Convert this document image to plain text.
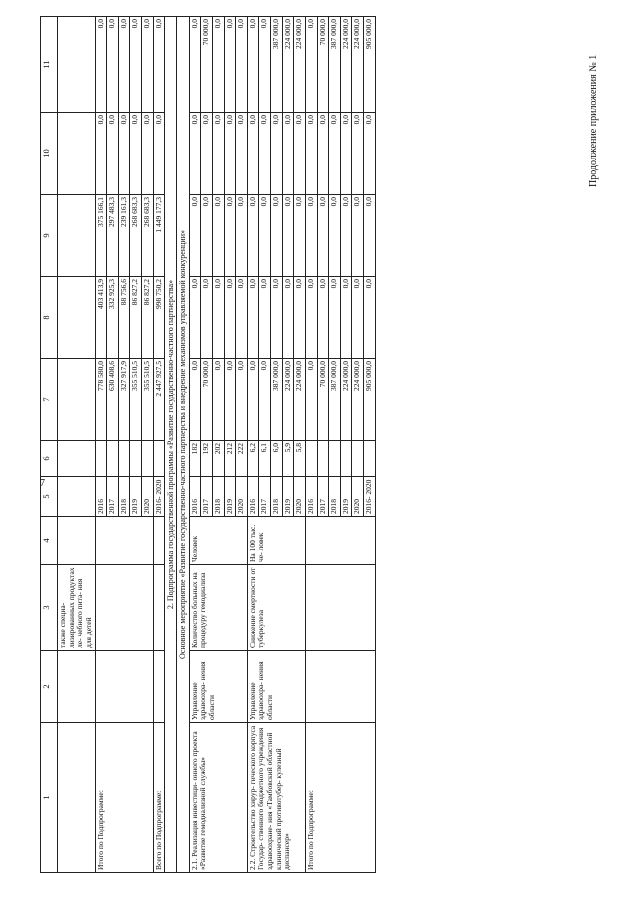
7
Продолжение приложения № 1
1	2	3	4	5	6	7	8	9	10	11
		также специа- лизированных продуктах ле- чебного пита- ния для детей								
Итого по Подпрограмме:				2016		778 580,0	403 413,9	375 166,1	0,0	0,0
				2017		630 408,6	332 925,3	297 483,3	0,0	0,0
				2018		327 917,9	88 756,6	239 161,3	0,0	0,0
				2019		355 510,5	86 827,2	268 683,3	0,0	0,0
				2020		355 510,5	86 827,2	268 683,3	0,0	0,0
Всего по Подпрограмме:				2016- 2020		2 447 927,5	998 750,2	1 449 177,3	0,0	0,0
2. Подпрограмма государственной программы «Развитие государственно-частного партнерства»										
Основное мероприятие «Развитие государственно-частного партнерства и внедрение механизмов управляемой конкуренции»										
2.1. Реализация инвестици- онного проекта «Развитие гемодиализной службы»	Управление здравоохра- нения области	Количество больных на процедуру гемодиализа	Человек	2016	182	0,0	0,0	0,0	0,0	0,0
				2017	192	70 000,0	0,0	0,0	0,0	70 000,0
				2018	202	0,0	0,0	0,0	0,0	0,0
				2019	212	0,0	0,0	0,0	0,0	0,0
				2020	222	0,0	0,0	0,0	0,0	0,0
2.2. Строительство хирур- гического корпуса Государ- ственного бюджетного учреждения здравоохране- ния «Тамбовский областной клинический противотубер- кулезный диспансер»	Управление здравоохра- нения области	Снижение смертности от туберкулеза	На 100 тыс. че- ловек	2016	6,2	0,0	0,0	0,0	0,0	0,0
				2017	6,1	0,0	0,0	0,0	0,0	0,0
				2018	6,0	387 000,0	0,0	0,0	0,0	387 000,0
				2019	5,9	224 000,0	0,0	0,0	0,0	224 000,0
				2020	5,8	224 000,0	0,0	0,0	0,0	224 000,0
Итого по Подпрограмме:				2016		0,0	0,0	0,0	0,0	0,0
				2017		70 000,0	0,0	0,0	0,0	70 000,0
				2018		387 000,0	0,0	0,0	0,0	387 000,0
				2019		224 000,0	0,0	0,0	0,0	224 000,0
				2020		224 000,0	0,0	0,0	0,0	224 000,0
				2016- 2020		905 000,0	0,0	0,0	0,0	905 000,0
